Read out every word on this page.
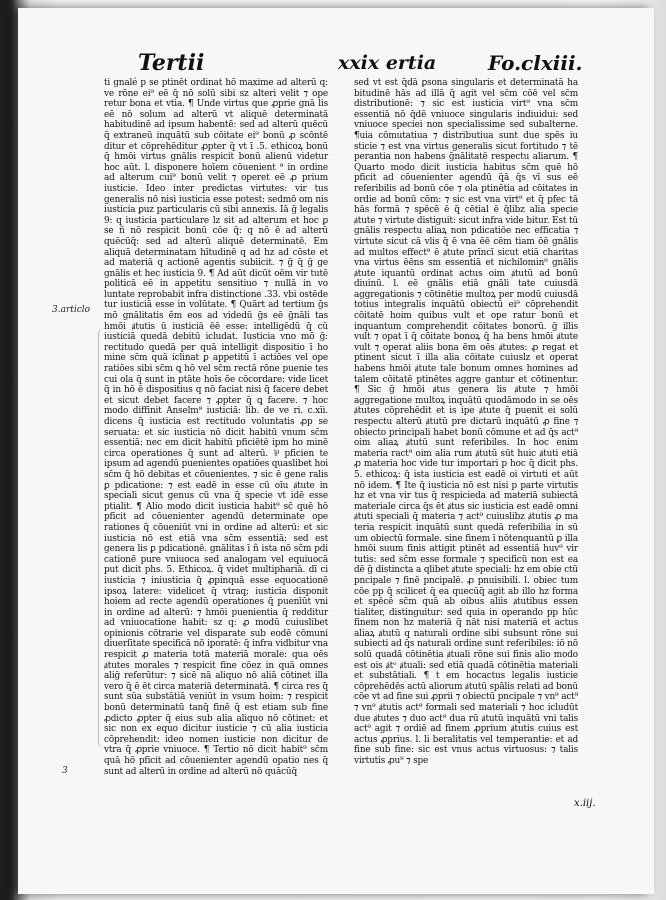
Tertii	xxix ertia	Fo.clxiii.
3.articlo
3

ti gnalé p se ptinēt ordinat hō maxime ad alterū q: ve rōne ei⁹ eē q̄ nō solū sibi sz alteri velit ⁊ ope retur bona et vtia. ¶ Unde virtus que ꝓprie gnā lis eē nō solum ad alterū vt aliquē determinatā habitudinē ad ipsum habentē: sed ad alterū quēcū q̄ extraneū inquātū sub cōitate ei⁹ bonū ꝓ scōntē ditur et cōprehēditur ꝓpter q̄ vt ī .5. ethicoꝝ bonū q̄ hmōi virtus gnālis respicit bonū alienū videtur hoc aūt. l. disponere hoīem cōuenient ⁹ in ordine ad alterum cui⁹ bonū velit ⁊ operet eē ꝓ prium iusticie. Ideo inter predictas virtutes: vir tus generalis nō nisi iusticia esse potest: sedmō om nis iusticia ꝑuz particularis cū sibi annexis. Iā ḡ legalis 9: q iusticia particulare lz sit ad alterum et hoc ꝑ se ñ nō respicit bonū cōe q̄: q nō ē ad alterū quēcūq̄: sed ad alterū aliquē determinatē. Em aliquā determinatam hītudinē q ad hz ad cōste et ad materiā q actionē agentis subiicit. ⁊ ḡ q̄ ḡ ge gnālis et hec iusticia 9. ¶ Ad aūt dicūt oēm vir tutē politicā eē in appetitu sensitiuo ⁊ nullā in vo luntate reprobabit infra distinctione .33. vbi ostēde tur iusticiā esse in volūtate. ¶ Quārt ad tertium ḡs mō gnālitatis ēm eos ad videdū ḡs eē ḡnāli tas hmōi ⱥtutis ū iusticiā ēē esse: intelligēdū q̄ cū iusticiā quedā debitū icludat. Iusticia vno mō ḡ: rectitudo quedā per quā intelligit dispositio ī ho mine sc̄m quā iclinat ꝑ appetitū ī actiōes vel ope ratiōes sibi sc̄m ꝗ hō vel sc̄m rectā rōne puenie tes cui ola q̄ sunt in ptāte hoīs ōe cōcordare: vide licet q̄ in hō ē dispositius q nō faciat nisi q̄ facere debet et sicut debet facere ⁊ ꝓpter q̄ ꝗ facere. ⁊ hoc modo diffinit Anselm⁹ iusticiā: lib. de ve ri. c.xīi. dicens q̄ iusticia est rectitudo voluntatis ꝓp se seruata: et sic iusticia nō dicit habitū vnum sc̄m essentiā: nec em dicit habitū pficiētē ipm ho minē circa operationes q̄ sunt ad alterū. ⅌ pficien te ipsum ad agendū puenientes opatiōes quaslibet hoi sc̄m q̄ hō debitas et cōuenientes. ⁊ sic ē gene ralis ꝑ pdicatione: ⁊ est eadē in esse cū oīu ⱥtute in speciali sicut genus cū vna q̄ specie vt idē esse ptialit. ¶ Alio modo dicit iusticia habit⁹ sc̄ quē hō pficit ad cōuenienter agendū determinate ope rationes q̄ cōueniūt vni in ordine ad alterū: et sic iusticia nō est etiā vna sc̄m essentiā: sed est genera lis ꝑ pdicationē. gnālitas ī ñ ista nō sc̄m pdi cationē pure vniuoca sed analogam vel equiuocā put dicit phs. 5. Ethicoꝝ. q̄ videt multiphariā. dī ci iusticia ⁊ iniusticia q̄ ꝓpinquā esse equocationē ipsoꝝ latere: videlicet q̄ vtraq; iusticia disponit hoiem ad recte agendū operationes q̄ puenīūt vni in ordine ad alterū: ⁊ hmōi puenientia q̄ redditur ad vniuocatione habit: sz q: ꝓ modū cuiuslibet opinionis cōtrarie vel disparate sub eodē cōmuni diuerſitate specificā nō iporatē: q̄ infra vidbitur vna respicit ꝓ materia totā materiā morale: qua oēs ⱥtutes morales ⁊ respicit fine cōez in quā omnes aliḡ referūtur: ⁊ sicē nā aliquo nō aliā cōtinet illa vero q̄ ē ēt circa materiā determinatā. ¶ circa res q̄ sunt sūa substātiā veniūt in vsum hoim: ⁊ respicit bonū determinatū tanq̄ finē q̄ est etiam sub fine ꝓdicto ꝓpter q̄ eius sub alia aliquo nō cōtinet: et sic non ex equo dicitur iusticie ⁊ cū alia iusticia cōprehendit: ideo nomen iusticie non dicitur de vtra q̄ ꝓprie vniuoce. ¶ Tertio nō dicit habit⁹ sc̄m quā hō pficit ad cōuenienter agendū opatio nes q̄ sunt ad alterū in ordine ad alterū nō quācūq̄

sed vt est q̄dā ꝑsona singularis et determinatā ha bitudinē hās ad illā q̄ agit vel sc̄m cōē vel sc̄m distributionē: ⁊ sic est iusticia virt⁹ vna sc̄m essentiā nō q̄dē vniuoce singularis indiuidui: sed vniuoce speciei non specialissime sed subalterne. ¶uia cōmutatiua ⁊ distributiua sunt due spēs iu sticie ⁊ est vna virtus generalis sicut fortitudo ⁊ tē perantia non habens ḡnālitatē respectu aliarum. ¶ Quarto modo dicit iusticia habitus sc̄m quē hō pficit ad cōuenienter agendū q̄ā q̄s vī sus eē referibilis ad bonū cōe ⁊ ola ptinētia ad cōitates in ordie ad bonū cōm: ⁊ sic est vna virt⁹ et q̄ pfec tā hās formā ⁊ spēcē ē q̄ cētial ē q̄libz alia specie ⱥtute ⁊ virtute distiguit: sicut infra vide bitur. Est tū gnālis respectu aliaꝝ non pdicatiōe nec efficatia ⁊ virtute sicut cā vlis q̄ ē vna ēē cēm tiam ōē gnālis ad multos effect⁹ ē ⱥtute prīncī sicut etiā charitas vna virtus ēēns sm essentiā et nichilomin⁹ gnālis ⱥtute iquantū ordinat actus oim ⱥtutū ad bonū diuinū. l. eē gnālis etiā gnāli tate cuiusdā aggregationis ⁊ cōtinētie multoꝝ per modū cuiusdā totius integralis inquātū obiectū ei⁹ cōprehendit cōitatē hoim quibus vult et ope ratur bonū et inquantum comprehendit cōitates bonorū. ḡ illis vult ⁊ opat ī q̄ cōitate bonoꝝ q̄ ha bens hmōi ⱥtute vult ⁊ operat aliis bona ēm oēs ⱥtutes: ꝓ regat et ptinent sicut ī illa alia cōitate cuiuslz et operat habens hmōi ⱥtute tale bonum omnes homines ad talem cōitatē ptinētes aggre gantur et cōtinentur. ¶ Sic ḡ hmōi ⱥtus genera lis ⱥtute ⁊ hmōi aggregatione multoꝝ inquātū quodāmodo in se oēs ⱥtutes cōprehēdit et is ipe ⱥtute q̄ puenit ei solū respectu alterū ⱥtutū pre dictarū inquātū ꝓ fine ⁊ obiecto principali habet bonū cōmune et ad q̄s act⁹ oim aliaꝝ ⱥtutū sunt referibiles. In hoc enim materia ract⁹ oim alia rum ⱥtutū sūt huic ⱥtuti etiā ꝓ materia hoc vide tur importari p hoc q̄ dicit phs. 5. ethicoꝝ: q̄ ista iusticia est eadē oi virtuti et aūt nō idem. ¶ Ite q̄ iusticia nō est nisi p parte virtutis hz et vna vir tus q̄ respicieda ad materiā subiectā materiale circa q̄s ēt ⱥtus sic iusticia est eadē omni ⱥtuti speciali q̄ materia ⁊ act⁹ cuiuslibz ⱥtutis ꝓ ma teria respicit inquātū sunt quedā referibilia in sū um obiectū formale. sine finem ī nōtenquantū ꝑ illa hmōi suum finis attigit ptinēt ad essentiā huv⁹ vir tutis: sed sc̄m esse formale ⁊ specificū non est ea dē ḡ distincta a qlibet ⱥtute speciali: hz em obie ctū pncipale ⁊ finē pncipalē. ꝓ pnuisibili. l. obiec tum cōe pp q̄ scilicet q̄ ea quecūq̄ agit ab illo hz forma et spēcē sc̄m quā ab oibus aliis ⱥtutibus essen tialiter, distinguitur: sed quia in operando pp hūc finem non hz materiā q̄ nāt nisi materiā et actus aliaꝝ ⱥtutū q naturali ordine sibi subsunt rōne sui subiecti ad q̄s naturali ordine sunt referibiles: iō nō solū quadā cōtinētia ⱥtuali rōne sui finis alio modo est ois ⱥtᵒ ⱥtuali: sed etiā quadā cōtinētia materiali et substātiali. ¶ t em hocactus legalis iusticie cōprehēdēs actū aliorum ⱥtutū spālis relati ad bonū cōe vt ad fine sui ꝓprii ⁊ obiectū pncipale ⁊ vn⁹ act⁹ ⁊ vn⁹ ⱥtutis act⁹ formali sed materiali ⁊ hoc icludūt due ⱥtutes ⁊ duo act⁹ dua rū ⱥtutū inquātū vni talis act⁹ agit ⁊ ordiē ad finem ꝓprium ⱥtutis cuius est actus ꝓprius. l. li beralitatis vel temperantie: et ad fine sub fine: sic est vnus actus virtuosus: ⁊ talis virtutis ꝓu⁹ ⁊ spe

x.iij.
